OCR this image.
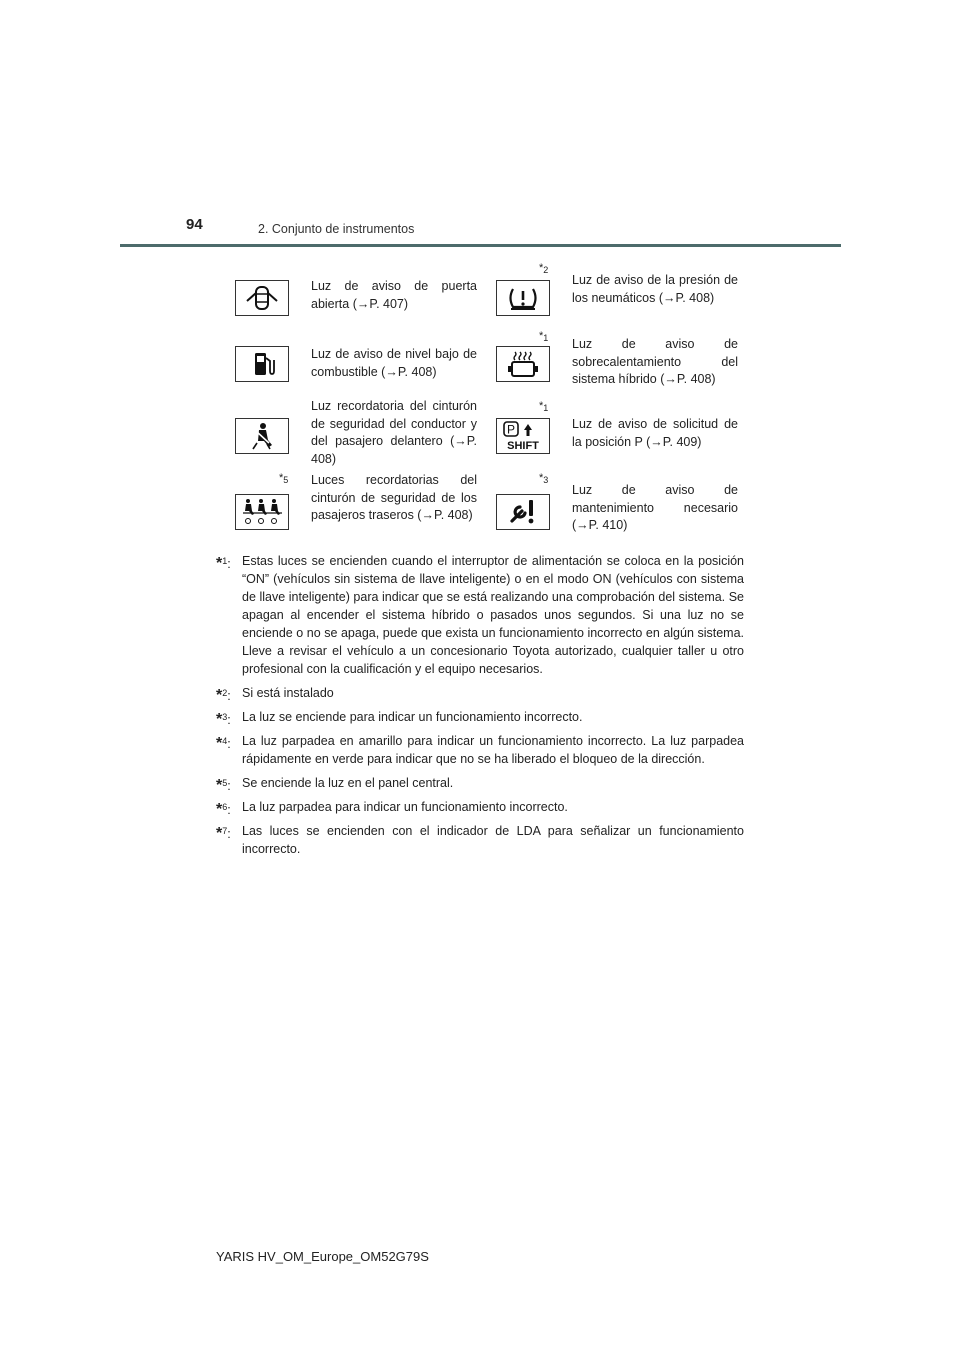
94	2. Conjunto de instrumentos
Luz de aviso de puerta abierta (→P. 407)
$*_2$
Luz de aviso de la presión de los neumáticos (→P. 408)
Luz de aviso de nivel bajo de combustible (→P. 408)
$*_1$ Luz de aviso de sobrecalentamiento del sistema híbrido (→P. 408)
Luz recordatoria del cinturón de seguridad del conductor y del pasajero delantero (→P. 408)
$*_1$
P
SHIFT
Luz de aviso de solicitud de la posición P (→P. 409)
$*_5$ Luces recordatorias del cinturón de seguridad de los pasajeros traseros (→P. 408)
$*_3$
Luz de aviso de mantenimiento necesario (→P. 410)
*$^1$: Estas luces se encienden cuando el interruptor de alimentación se coloca en la posición “ON” (vehículos sin sistema de llave inteligente) o en el modo ON (vehículos con sistema de llave inteligente) para indicar que se está realizando una comprobación del sistema. Se apagan al encender el sistema híbrido o pasados unos segundos. Si una luz no se enciende o no se apaga, puede que exista un funcionamiento incorrecto en algún sistema. Lleve a revisar el vehículo a un concesionario Toyota autorizado, cualquier taller u otro profesional con la cualificación y el equipo necesarios.
*$^2$: Si está instalado
*$^3$: La luz se enciende para indicar un funcionamiento incorrecto.
*$^4$: La luz parpadea en amarillo para indicar un funcionamiento incorrecto. La luz parpadea rápidamente en verde para indicar que no se ha liberado el bloqueo de la dirección.
*$^5$: Se enciende la luz en el panel central.
*$^6$: La luz parpadea para indicar un funcionamiento incorrecto.
*$^7$: Las luces se encienden con el indicador de LDA para señalizar un funcionamiento incorrecto.
YARIS HV_OM_Europe_OM52G79S
